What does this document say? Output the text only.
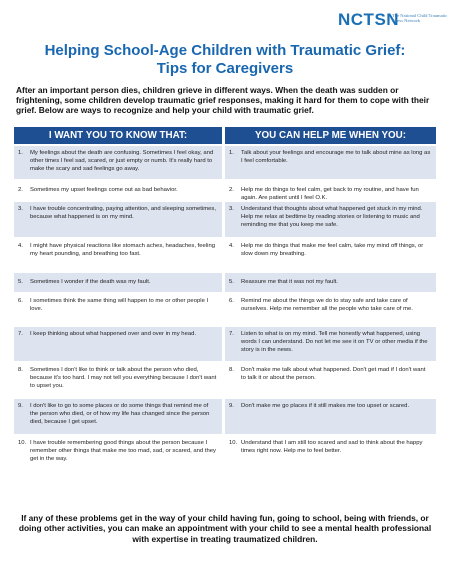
NCTSN
The National Child Traumatic Stress Network
Helping School-Age Children with Traumatic Grief:
Tips for Caregivers
After an important person dies, children grieve in different ways. When the death was sudden or frightening, some children develop traumatic grief responses, making it hard for them to cope with their grief. Below are ways to recognize and help your child with traumatic grief.
I WANT YOU TO KNOW THAT:	YOU CAN HELP ME WHEN YOU:
1. My feelings about the death are confusing. Sometimes I feel okay, and other times I feel sad, scared, or just empty or numb. It's really hard to make the scary and sad feelings go away.
2. Sometimes my upset feelings come out as bad behavior.
3. I have trouble concentrating, paying attention, and sleeping sometimes, because what happened is on my mind.
4. I might have physical reactions like stomach aches, headaches, feeling my heart pounding, and breathing too fast.
5. Sometimes I wonder if the death was my fault.
6. I sometimes think the same thing will happen to me or other people I love.
7. I keep thinking about what happened over and over in my head.
8. Sometimes I don't like to think or talk about the person who died, because it's too hard. I may not tell you everything because I don't want to upset you.
9. I don't like to go to some places or do some things that remind me of the person who died, or of how my life has changed since the person died, because I get upset.
10. I have trouble remembering good things about the person because I remember other things that make me too mad, sad, or scared, and they get in the way.
1. Talk about your feelings and encourage me to talk about mine as long as I feel comfortable.
2. Help me do things to feel calm, get back to my routine, and have fun again. Are patient until I feel O.K.
3. Understand that thoughts about what happened get stuck in my mind. Help me relax at bedtime by reading stories or listening to music and reminding me that you keep me safe.
4. Help me do things that make me feel calm, take my mind off things, or slow down my breathing.
5. Reassure me that it was not my fault.
6. Remind me about the things we do to stay safe and take care of ourselves. Help me remember all the people who take care of me.
7. Listen to what is on my mind. Tell me honestly what happened, using words I can understand. Do not let me see it on TV or other media if the story is in the news.
8. Don't make me talk about what happened. Don't get mad if I don't want to talk it or about the person.
9. Don't make me go places if it still makes me too upset or scared.
10. Understand that I am still too scared and sad to think about the happy times right now. Help me to feel better.
If any of these problems get in the way of your child having fun, going to school, being with friends, or doing other activities, you can make an appointment with your child to see a mental health professional with expertise in treating traumatized children.
